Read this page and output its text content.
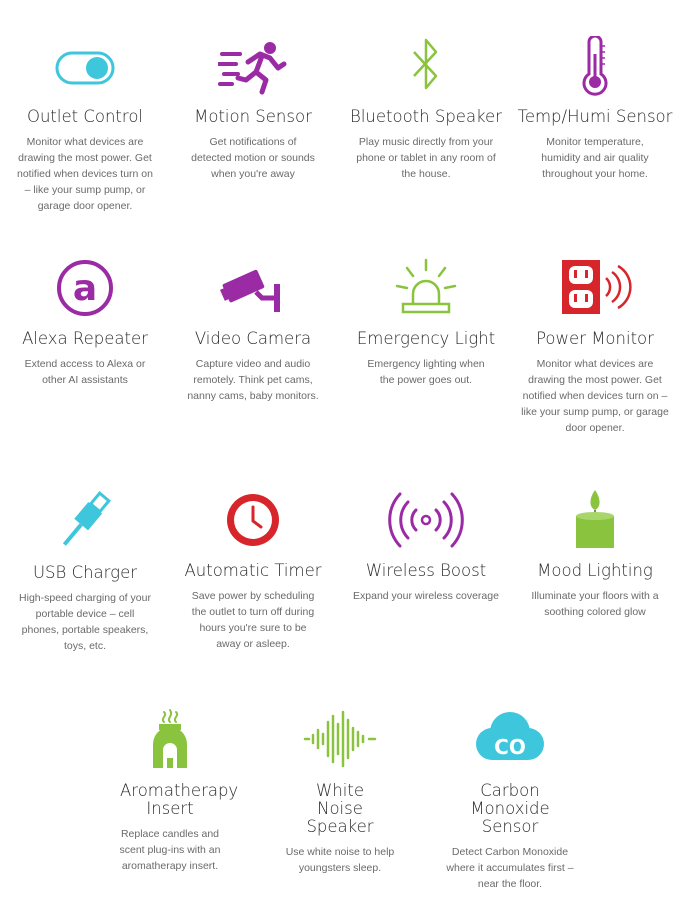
Outlet Control

Monitor what devices are drawing the most power. Get notified when devices turn on – like your sump pump, or garage door opener.

Motion Sensor

Get notifications of detected motion or sounds when you're away

Bluetooth Speaker

Play music directly from your phone or tablet in any room of the house.

Temp/Humi Sensor

Monitor temperature, humidity and air quality throughout your home.

a

Alexa Repeater

Extend access to Alexa or other AI assistants

Video Camera

Capture video and audio remotely. Think pet cams, nanny cams, baby monitors.

Emergency Light

Emergency lighting when the power goes out.

Power Monitor

Monitor what devices are drawing the most power. Get notified when devices turn on – like your sump pump, or garage door opener.

USB Charger

High-speed charging of your portable device – cell phones, portable speakers, toys, etc.

Automatic Timer

Save power by scheduling the outlet to turn off during hours you're sure to be away or asleep.

Wireless Boost

Expand your wireless coverage

Mood Lighting

Illuminate your floors with a soothing colored glow

Aromatherapy Insert

Replace candles and scent plug-ins with an aromatherapy insert.

White Noise Speaker

Use white noise to help youngsters sleep.

CO

Carbon Monoxide Sensor

Detect Carbon Monoxide where it accumulates first – near the floor.
